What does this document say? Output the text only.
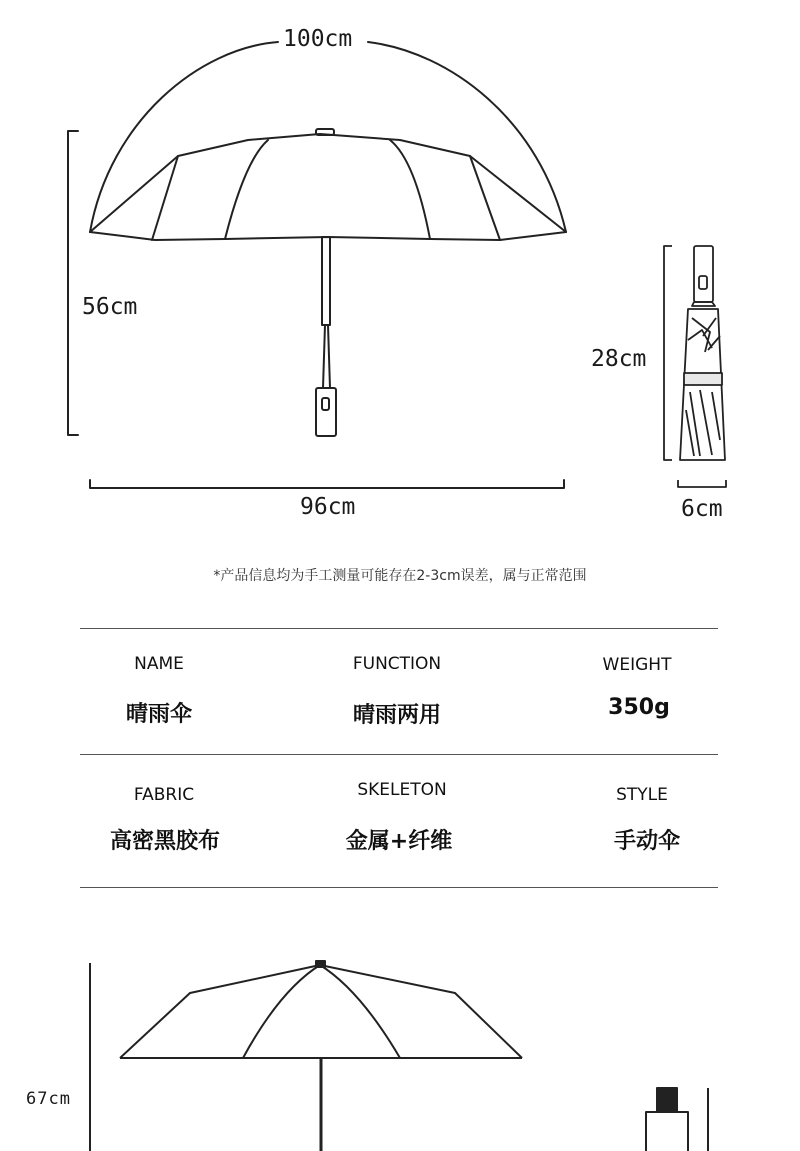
100cm
56cm
96cm
28cm
6cm
*产品信息均为手工测量可能存在2-3cm误差，属与正常范围
NAME
晴雨伞
FUNCTION
晴雨两用
WEIGHT
350g
FABRIC
高密黑胶布
SKELETON
金属+纤维
STYLE
手动伞
67cm
